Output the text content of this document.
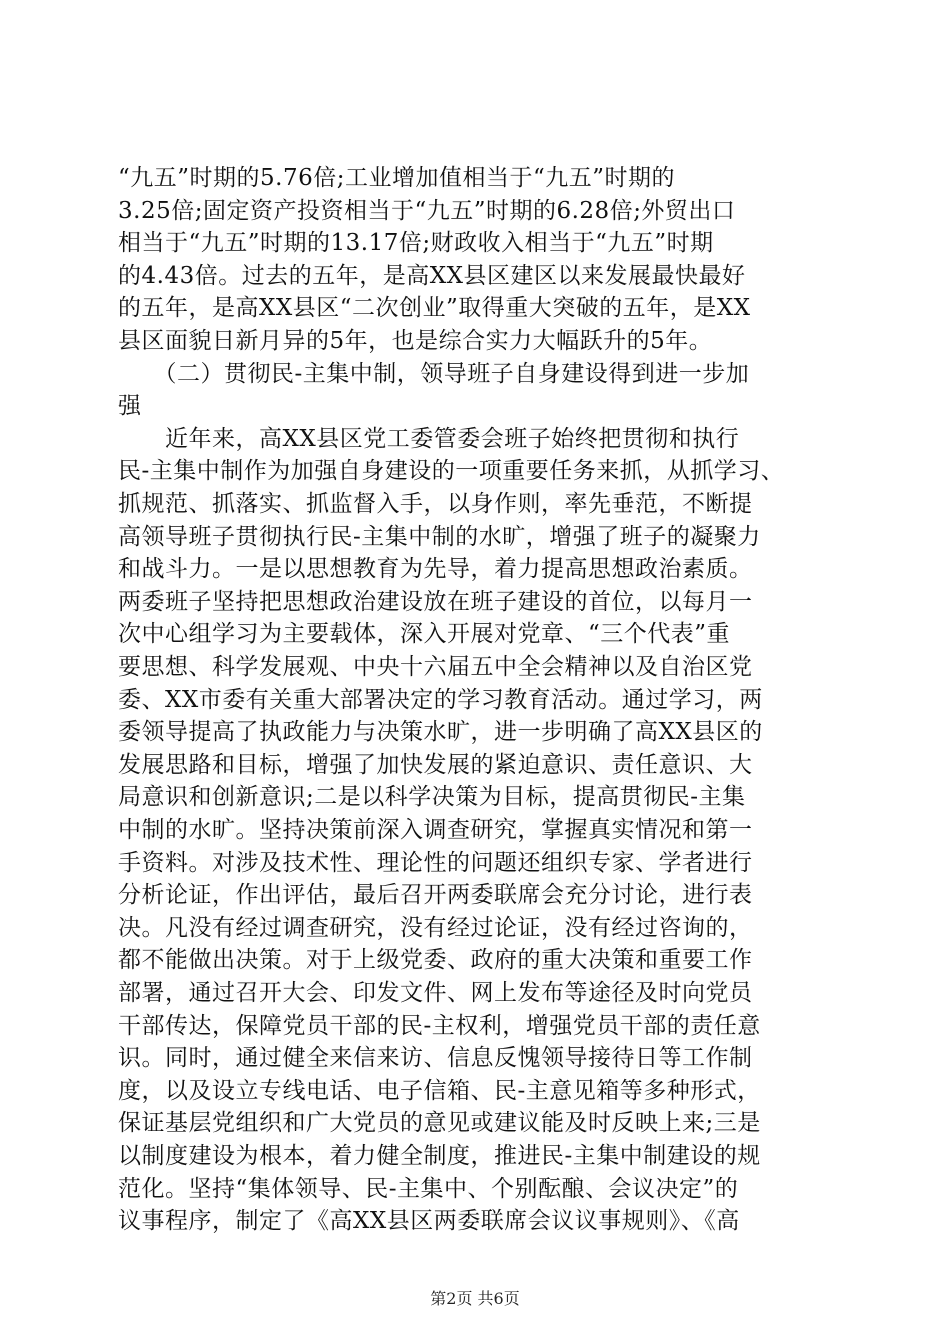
“九五”时期的5.76倍;工业增加值相当于“九五”时期的
3.25倍;固定资产投资相当于“九五”时期的6.28倍;外贸出口
相当于“九五”时期的13.17倍;财政收入相当于“九五”时期
的4.43倍。过去的五年，是高XX县区建区以来发展最快最好
的五年，是高XX县区“二次创业”取得重大突破的五年，是XX
县区面貌日新月异的5年，也是综合实力大幅跃升的5年。
　　（二）贯彻民-主集中制，领导班子自身建设得到进一步加
强
　　近年来，高XX县区党工委管委会班子始终把贯彻和执行
民-主集中制作为加强自身建设的一项重要任务来抓，从抓学习、
抓规范、抓落实、抓监督入手，以身作则，率先垂范，不断提
高领导班子贯彻执行民-主集中制的水旷，增强了班子的凝聚力
和战斗力。一是以思想教育为先导，着力提高思想政治素质。
两委班子坚持把思想政治建设放在班子建设的首位，以每月一
次中心组学习为主要载体，深入开展对党章、“三个代表”重
要思想、科学发展观、中央十六届五中全会精神以及自治区党
委、XX市委有关重大部署决定的学习教育活动。通过学习，两
委领导提高了执政能力与决策水旷，进一步明确了高XX县区的
发展思路和目标，增强了加快发展的紧迫意识、责任意识、大
局意识和创新意识;二是以科学决策为目标，提高贯彻民-主集
中制的水旷。坚持决策前深入调查研究，掌握真实情况和第一
手资料。对涉及技术性、理论性的问题还组织专家、学者进行
分析论证，作出评估，最后召开两委联席会充分讨论，进行表
决。凡没有经过调查研究，没有经过论证，没有经过咨询的，
都不能做出决策。对于上级党委、政府的重大决策和重要工作
部署，通过召开大会、印发文件、网上发布等途径及时向党员
干部传达，保障党员干部的民-主权利，增强党员干部的责任意
识。同时，通过健全来信来访、信息反愧领导接待日等工作制
度，以及设立专线电话、电子信箱、民-主意见箱等多种形式，
保证基层党组织和广大党员的意见或建议能及时反映上来;三是
以制度建设为根本，着力健全制度，推进民-主集中制建设的规
范化。坚持“集体领导、民-主集中、个别酝酿、会议决定”的
议事程序，制定了《高XX县区两委联席会议议事规则》、《高
第2页 共6页
